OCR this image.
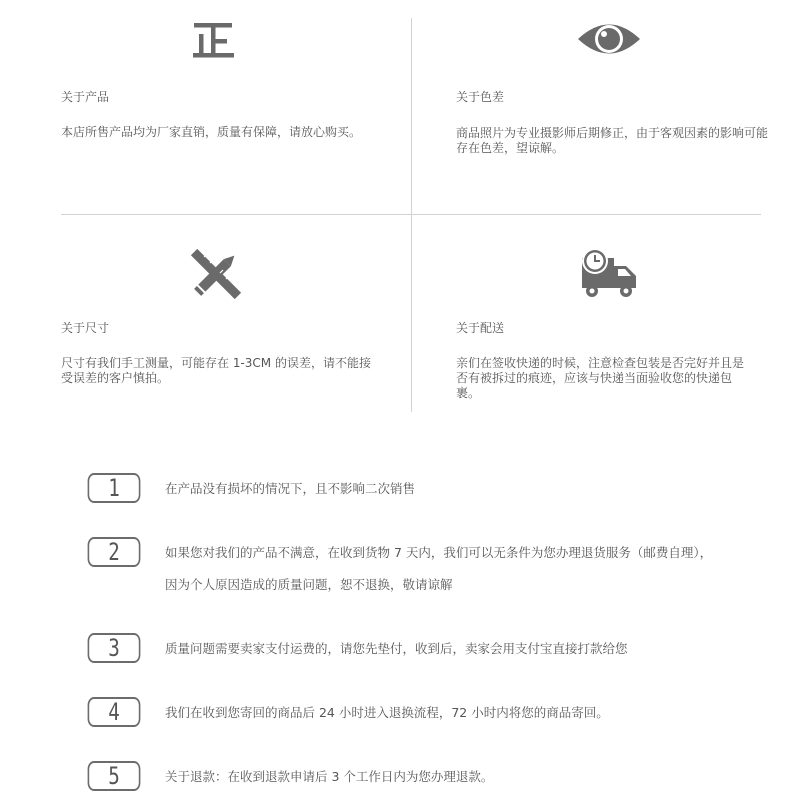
关于产品
本店所售产品均为厂家直销，质量有保障，请放心购买。
关于色差
商品照片为专业摄影师后期修正，由于客观因素的影响可能存在色差，望谅解。
关于尺寸
尺寸有我们手工测量，可能存在 1-3CM 的误差，请不能接受误差的客户慎拍。
关于配送
亲们在签收快递的时候，注意检查包装是否完好并且是否有被拆过的痕迹，应该与快递当面验收您的快递包裹。
1	在产品没有损坏的情况下，且不影响二次销售
2	如果您对我们的产品不满意，在收到货物 7 天内，我们可以无条件为您办理退货服务（邮费自理），
因为个人原因造成的质量问题，恕不退换，敬请谅解
3	质量问题需要卖家支付运费的，请您先垫付，收到后，卖家会用支付宝直接打款给您
4	我们在收到您寄回的商品后 24 小时进入退换流程，72 小时内将您的商品寄回。
5	关于退款：在收到退款申请后 3 个工作日内为您办理退款。
